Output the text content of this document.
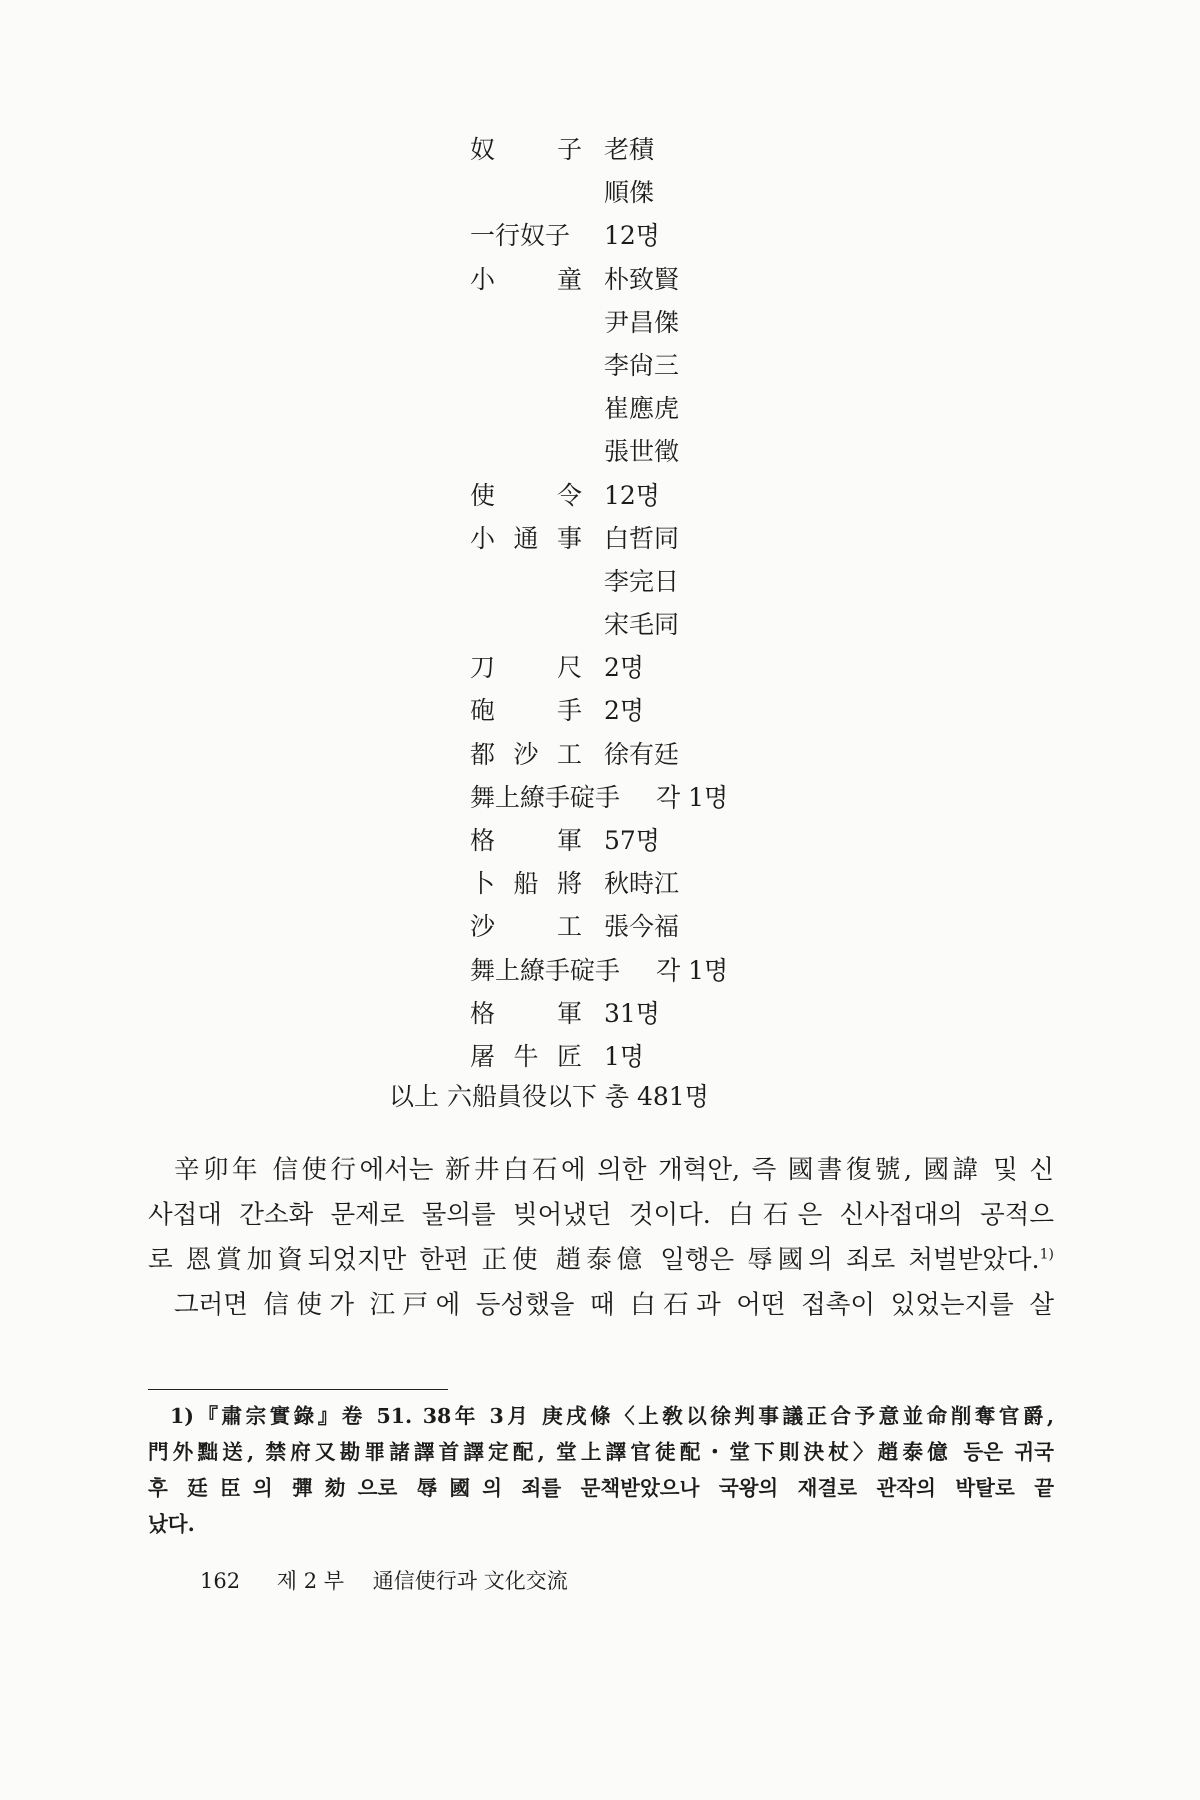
奴 子 老積
順傑
一行奴子 12명
小 童 朴致賢
尹昌傑
李尙三
崔應虎
張世徵
使 令 12명
小 通 事 白哲同
李完日
宋毛同
刀 尺 2명
砲 手 2명
都 沙 工 徐有廷
舞上繚手碇手 각 1명
格 軍 57명
卜 船 將 秋時江
沙 工 張今福
舞上繚手碇手 각 1명
格 軍 31명
屠 牛 匠 1명
以上 六船員役以下 총 481명
辛卯年 信使行에서는 新井白石에 의한 개혁안, 즉 國書復號, 國諱 및 신
사접대 간소화 문제로 물의를 빚어냈던 것이다. 白石은 신사접대의 공적으
로 恩賞加資되었지만 한편 正使 趙泰億 일행은 辱國의 죄로 처벌받았다.$^{1)}$
그러면 信使가 江戸에 등성했을 때 白石과 어떤 접촉이 있었는지를 살
1)『肅宗實錄』卷 51. 38年 3月 庚戌條〈上敎以徐判事議正合予意並命削奪官爵,
門外黜送, 禁府又勘罪諸譯首譯定配, 堂上譯官徒配・堂下則決杖〉趙泰億 등은 귀국
후 廷臣의 彈劾으로 辱國의 죄를 문책받았으나 국왕의 재결로 관작의 박탈로 끝
났다.
162 제 2 부 通信使行과 文化交流
